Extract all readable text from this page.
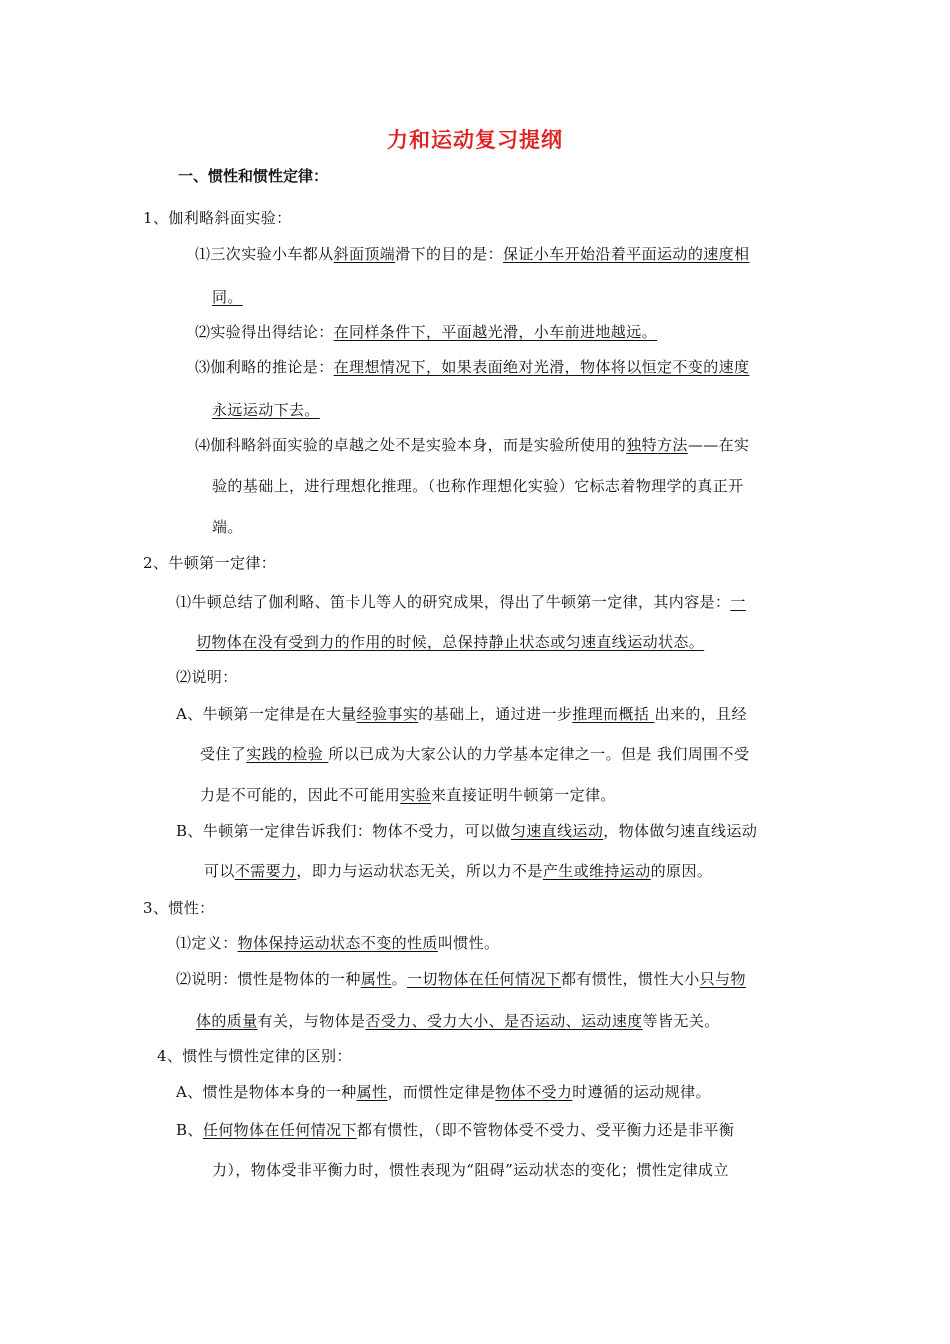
力和运动复习提纲
一、惯性和惯性定律：
1、伽利略斜面实验：
⑴三次实验小车都从斜面顶端滑下的目的是：保证小车开始沿着平面运动的速度相
同。
⑵实验得出得结论：在同样条件下，平面越光滑，小车前进地越远。
⑶伽利略的推论是：在理想情况下，如果表面绝对光滑，物体将以恒定不变的速度
永远运动下去。
⑷伽科略斜面实验的卓越之处不是实验本身，而是实验所使用的独特方法——在实
验的基础上，进行理想化推理。（也称作理想化实验）它标志着物理学的真正开
端。
2、牛顿第一定律：
⑴牛顿总结了伽利略、笛卡儿等人的研究成果，得出了牛顿第一定律，其内容是：一
切物体在没有受到力的作用的时候，总保持静止状态或匀速直线运动状态。
⑵说明：
A、牛顿第一定律是在大量经验事实的基础上，通过进一步推理而概括 出来的，且经
受住了实践的检验 所以已成为大家公认的力学基本定律之一。但是 我们周围不受
力是不可能的，因此不可能用实验来直接证明牛顿第一定律。
B、牛顿第一定律告诉我们：物体不受力，可以做匀速直线运动，物体做匀速直线运动
可以不需要力，即力与运动状态无关，所以力不是产生或维持运动的原因。
3、惯性：
⑴定义：物体保持运动状态不变的性质叫惯性。
⑵说明：惯性是物体的一种属性。一切物体在任何情况下都有惯性，惯性大小只与物
体的质量有关，与物体是否受力、受力大小、是否运动、运动速度等皆无关。
4、惯性与惯性定律的区别：
A、惯性是物体本身的一种属性，而惯性定律是物体不受力时遵循的运动规律。
B、任何物体在任何情况下都有惯性，（即不管物体受不受力、受平衡力还是非平衡
力），物体受非平衡力时，惯性表现为“阻碍”运动状态的变化；惯性定律成立
